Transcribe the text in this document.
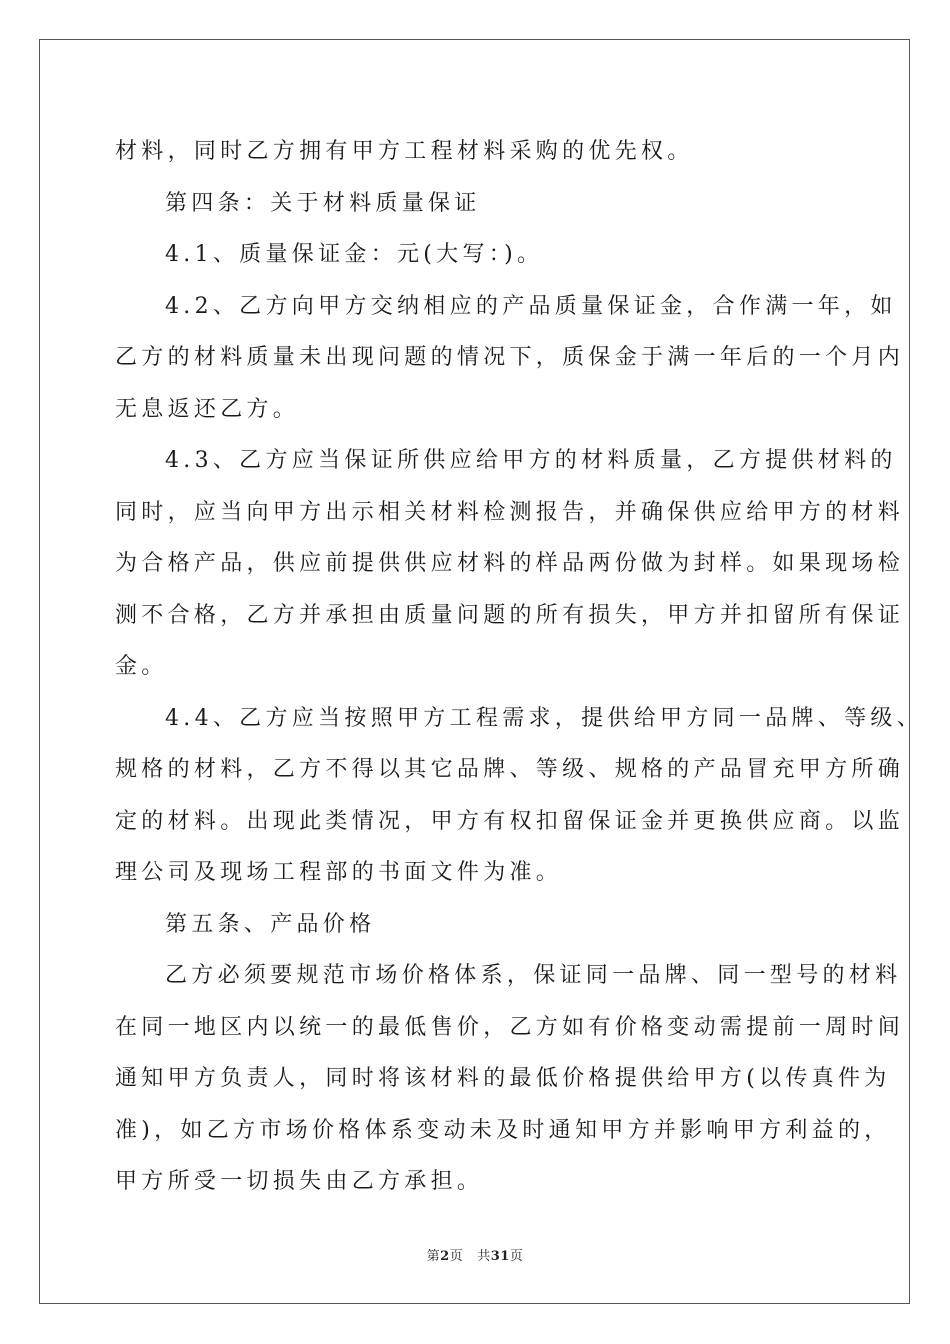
材料，同时乙方拥有甲方工程材料采购的优先权。
第四条：关于材料质量保证
4.1、质量保证金：元(大写：)。
4.2、乙方向甲方交纳相应的产品质量保证金，合作满一年，如
乙方的材料质量未出现问题的情况下，质保金于满一年后的一个月内
无息返还乙方。
4.3、乙方应当保证所供应给甲方的材料质量，乙方提供材料的
同时，应当向甲方出示相关材料检测报告，并确保供应给甲方的材料
为合格产品，供应前提供供应材料的样品两份做为封样。如果现场检
测不合格，乙方并承担由质量问题的所有损失，甲方并扣留所有保证
金。
4.4、乙方应当按照甲方工程需求，提供给甲方同一品牌、等级、
规格的材料，乙方不得以其它品牌、等级、规格的产品冒充甲方所确
定的材料。出现此类情况，甲方有权扣留保证金并更换供应商。以监
理公司及现场工程部的书面文件为准。
第五条、产品价格
乙方必须要规范市场价格体系，保证同一品牌、同一型号的材料
在同一地区内以统一的最低售价，乙方如有价格变动需提前一周时间
通知甲方负责人，同时将该材料的最低价格提供给甲方(以传真件为
准)，如乙方市场价格体系变动未及时通知甲方并影响甲方利益的，
甲方所受一切损失由乙方承担。
第2页 共31页
